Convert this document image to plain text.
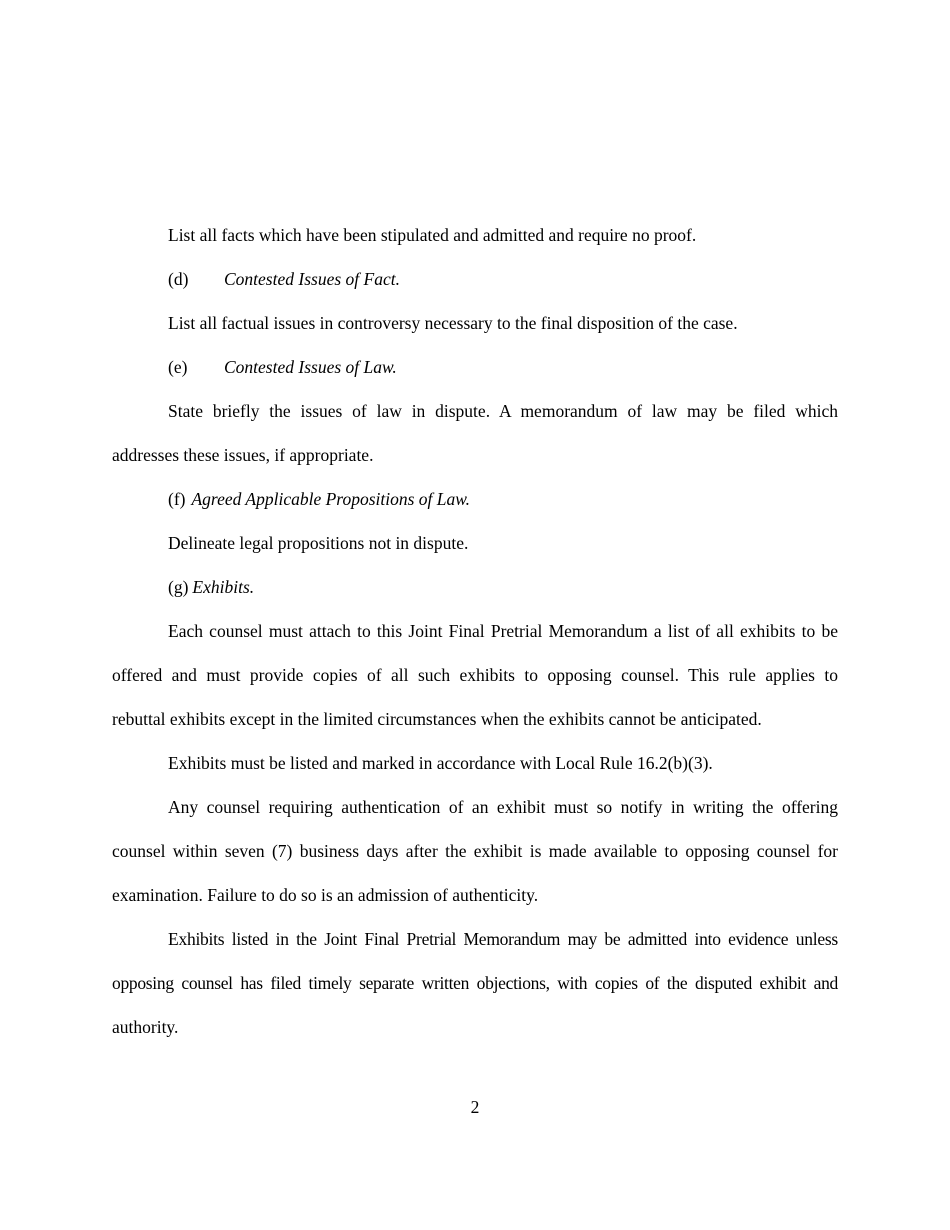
List all facts which have been stipulated and admitted and require no proof.
(d) Contested Issues of Fact.
List all factual issues in controversy necessary to the final disposition of the case.
(e) Contested Issues of Law.
State briefly the issues of law in dispute. A memorandum of law may be filed which
addresses these issues, if appropriate.
(f) Agreed Applicable Propositions of Law.
Delineate legal propositions not in dispute.
(g) Exhibits.
Each counsel must attach to this Joint Final Pretrial Memorandum a list of all exhibits to be
offered and must provide copies of all such exhibits to opposing counsel. This rule applies to
rebuttal exhibits except in the limited circumstances when the exhibits cannot be anticipated.
Exhibits must be listed and marked in accordance with Local Rule 16.2(b)(3).
Any counsel requiring authentication of an exhibit must so notify in writing the offering
counsel within seven (7) business days after the exhibit is made available to opposing counsel for
examination. Failure to do so is an admission of authenticity.
Exhibits listed in the Joint Final Pretrial Memorandum may be admitted into evidence unless
opposing counsel has filed timely separate written objections, with copies of the disputed exhibit and
authority.
2
